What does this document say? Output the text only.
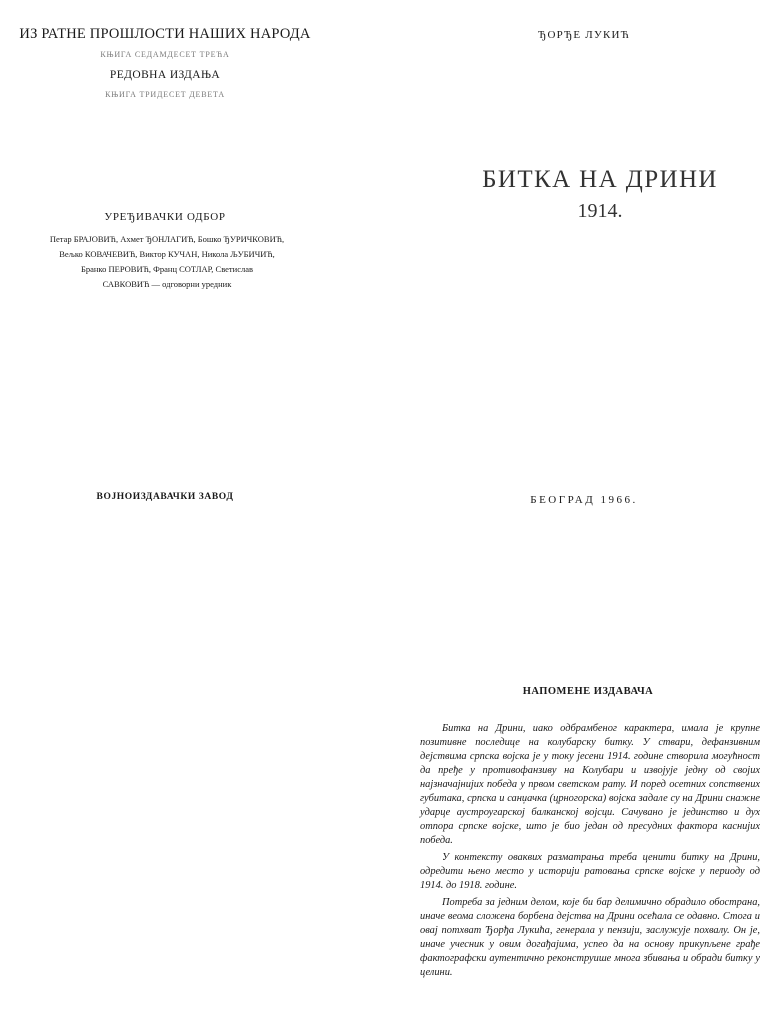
ИЗ РАТНЕ ПРОШЛОСТИ НАШИХ НАРОДА
КЊИГА СЕДАМДЕСЕТ ТРЕЋА
РЕДОВНА ИЗДАЊА
КЊИГА ТРИДЕСЕТ ДЕВЕТА
УРЕЂИВАЧКИ ОДБОР
Петар БРАЈОВИЋ, Ахмет ЂОНЛАГИЋ, Бошко ЂУРИЧКОВИЋ,
Вељко КОВАЧЕВИЋ, Виктор КУЧАН, Никола ЉУБИЧИЋ,
Бранко ПЕРОВИЋ, Франц СОТЛАР, Светислав
САВКОВИЋ — одговорни уредник
ВОЈНОИЗДАВАЧКИ ЗАВОД
ЂОРЂЕ ЛУКИЋ
БИТКА НА ДРИНИ
1914.
БЕОГРАД 1966.
НАПОМЕНЕ ИЗДАВАЧА

Битка на Дрини, иако одбрамбеног карактера, имала је крупне позитивне последице на колубарску битку. У ствари, дефанзивним дејствима српска војска је у току јесени 1914. године створила могућност да пређе у противофанзиву на Колубари и извојује једну од својих најзначајнијих победа у првом светском рату. И поред осетних сопствених губитака, српска и санџачка (црногорска) војска задале су на Дрини снажне ударце аустроугарској балканској војсци. Сачувано је јединство и дух отпора српске војске, што је био један од пресудних фактора каснијих победа.

У контексту оваквих разматрања треба ценити битку на Дрини, одредити њено место у историји ратовања српске војске у периоду од 1914. до 1918. године.

Потреба за једним делом, које би бар делимично обрадило обострана, иначе веома сложена борбена дејства на Дрини осећала се одавно. Стога и овај потхват Ђорђа Лукића, генерала у пензији, заслужује похвалу. Он је, иначе учесник у овим догађајима, успео да на основу прикупљене грађе фактографски аутентично реконструише многа збивања и обради битку у целини.
